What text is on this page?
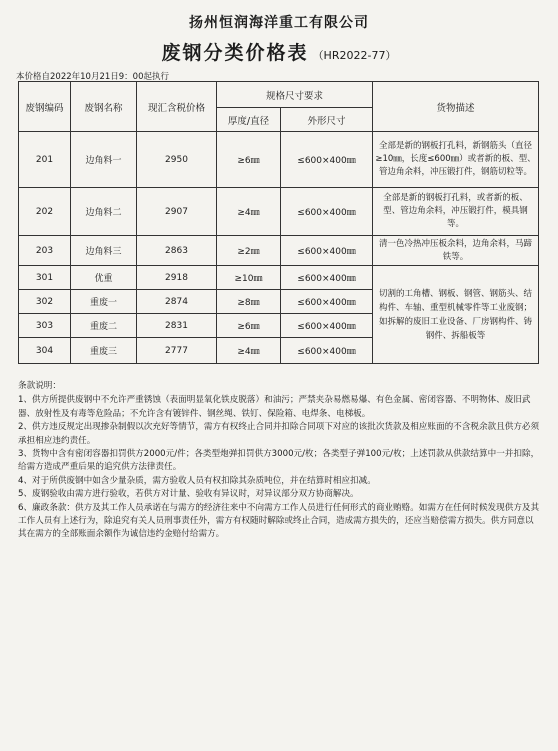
扬州恒润海洋重工有限公司
废钢分类价格表 （HR2022-77）
本价格自2022年10月21日9：00起执行
废钢编码	废钢名称	现汇含税价格	规格尺寸要求		货物描述
			厚度/直径	外形尺寸	
201	边角料一	2950	≥6㎜	≤600×400㎜	全部是新的钢板打孔料，新钢筋头（直径≥10㎜，长度≤600㎜）或者新的板、型、管边角余料，冲压锻打件，钢筋切粒等。
202	边角料二	2907	≥4㎜	≤600×400㎜	全部是新的钢板打孔料，或者新的板、型、管边角余料，冲压锻打件，模具钢等。
203	边角料三	2863	≥2㎜	≤600×400㎜	清一色冷热冲压板余料，边角余料，马蹄铁等。
301	优重	2918	≥10㎜	≤600×400㎜	切割的工角槽、钢板、钢管、钢筋头、结构件、车轴、重型机械零件等工业废钢；如拆解的废旧工业设备、厂房钢构件、铸钢件、拆船板等
302	重废一	2874	≥8㎜	≤600×400㎜	
303	重废二	2831	≥6㎜	≤600×400㎜	
304	重废三	2777	≥4㎜	≤600×400㎜	
条款说明：
1、供方所提供废钢中不允许严重锈蚀（表面明显氧化铁皮脱落）和油污；严禁夹杂易燃易爆、有色金属、密闭容器、不明物体、废旧武器、放射性及有毒等危险品；不允许含有镀锌件、钢丝绳、铁钉、保险箱、电焊条、电梯板。
2、供方违反规定出现掺杂制假以次充好等情节，需方有权终止合同并扣除合同项下对应的该批次货款及相应账面的不含税余款且供方必须承担相应违约责任。
3、货物中含有密闭容器扣罚供方2000元/件；各类型炮弹扣罚供方3000元/枚；各类型子弹100元/枚；上述罚款从供款结算中一并扣除，给需方造成严重后果的追究供方法律责任。
4、对于所供废钢中如含少量杂质，需方验收人员有权扣除其杂质吨位，并在结算时相应扣减。
5、废钢验收由需方进行验收，若供方对计量、验收有异议时，对异议部分双方协商解决。
6、廉政条款：供方及其工作人员承诺在与需方的经济往来中不向需方工作人员进行任何形式的商业贿赂。如需方在任何时候发现供方及其工作人员有上述行为，除追究有关人员刑事责任外，需方有权随时解除或终止合同，造成需方损失的，还应当赔偿需方损失。供方同意以其在需方的全部账面余额作为诚信违约金赔付给需方。
